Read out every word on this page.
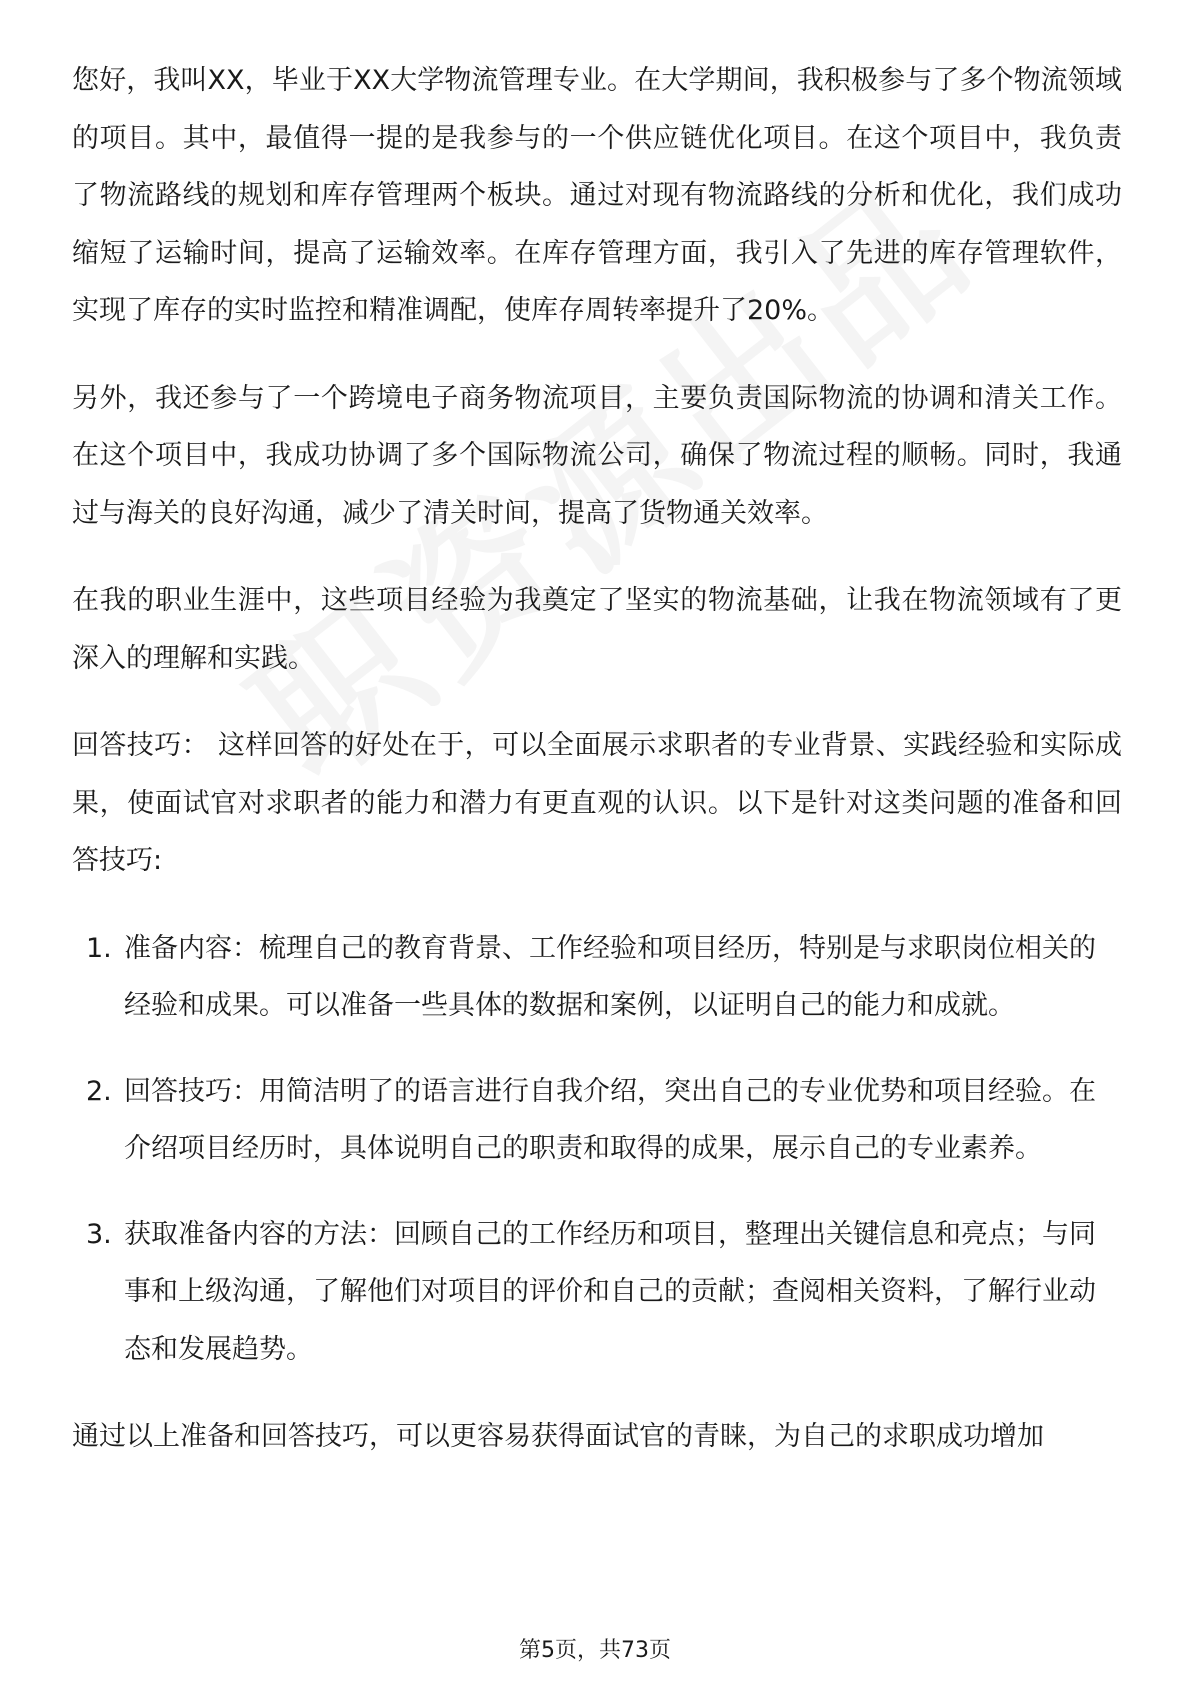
您好，我叫XX，毕业于XX大学物流管理专业。在大学期间，我积极参与了多个物流领域的项目。其中，最值得一提的是我参与的一个供应链优化项目。在这个项目中，我负责了物流路线的规划和库存管理两个板块。通过对现有物流路线的分析和优化，我们成功缩短了运输时间，提高了运输效率。在库存管理方面，我引入了先进的库存管理软件，实现了库存的实时监控和精准调配，使库存周转率提升了20%。

另外，我还参与了一个跨境电子商务物流项目，主要负责国际物流的协调和清关工作。在这个项目中，我成功协调了多个国际物流公司，确保了物流过程的顺畅。同时，我通过与海关的良好沟通，减少了清关时间，提高了货物通关效率。

在我的职业生涯中，这些项目经验为我奠定了坚实的物流基础，让我在物流领域有了更深入的理解和实践。

回答技巧： 这样回答的好处在于，可以全面展示求职者的专业背景、实践经验和实际成果，使面试官对求职者的能力和潜力有更直观的认识。以下是针对这类问题的准备和回答技巧:

1. 准备内容：梳理自己的教育背景、工作经验和项目经历，特别是与求职岗位相关的经验和成果。可以准备一些具体的数据和案例，以证明自己的能力和成就。
2. 回答技巧：用简洁明了的语言进行自我介绍，突出自己的专业优势和项目经验。在介绍项目经历时，具体说明自己的职责和取得的成果，展示自己的专业素养。
3. 获取准备内容的方法：回顾自己的工作经历和项目，整理出关键信息和亮点；与同事和上级沟通，了解他们对项目的评价和自己的贡献；查阅相关资料，了解行业动态和发展趋势。

通过以上准备和回答技巧，可以更容易获得面试官的青睐，为自己的求职成功增加

第5页，共73页
